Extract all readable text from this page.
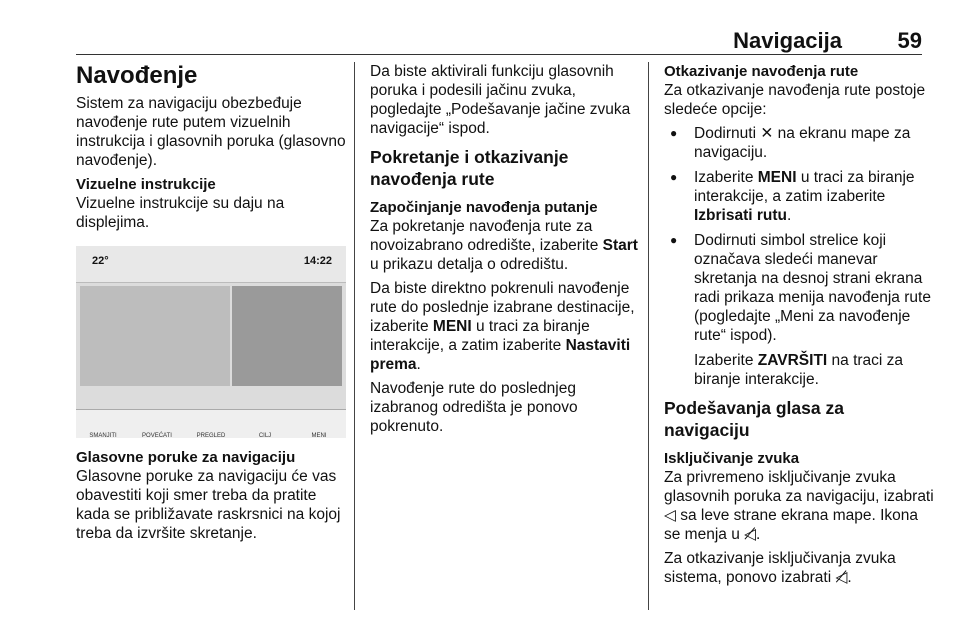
Navigacija	59
Navođenje
Sistem za navigaciju obezbeđuje navođenje rute putem vizuelnih instrukcija i glasovnih poruka (glasovno navođenje).
Vizuelne instrukcije
Vizuelne instrukcije su daju na displejima.
22°	14:22
SMANJITI	POVEĆATI	PREGLED	CILJ	MENI
Glasovne poruke za navigaciju
Glasovne poruke za navigaciju će vas obavestiti koji smer treba da pratite kada se približavate raskrsnici na kojoj treba da izvršite skretanje.
Da biste aktivirali funkciju glasovnih poruka i podesili jačinu zvuka, pogledajte „Podešavanje jačine zvuka navigacije“ ispod.
Pokretanje i otkazivanje navođenja rute
Započinjanje navođenja putanje
Za pokretanje navođenja rute za novoizabrano odredište, izaberite Start u prikazu detalja o odredištu.
Da biste direktno pokrenuli navođenje rute do poslednje izabrane destinacije, izaberite MENI u traci za biranje interakcije, a zatim izaberite Nastaviti prema.
Navođenje rute do poslednjeg izabranog odredišta je ponovo pokrenuto.
Otkazivanje navođenja rute
Za otkazivanje navođenja rute postoje sledeće opcije:
● Dodirnuti ✕ na ekranu mape za navigaciju.
● Izaberite MENI u traci za biranje interakcije, a zatim izaberite Izbrisati rutu.
● Dodirnuti simbol strelice koji označava sledeći manevar skretanja na desnoj strani ekrana radi prikaza menija navođenja rute (pogledajte „Meni za navođenje rute“ ispod).
Izaberite ZAVRŠITI na traci za biranje interakcije.
Podešavanja glasa za navigaciju
Isključivanje zvuka
Za privremeno isključivanje zvuka glasovnih poruka za navigaciju, izabrati ◁ sa leve strane ekrana mape. Ikona se menja u ◁̸.
Za otkazivanje isključivanja zvuka sistema, ponovo izabrati ◁̸.
